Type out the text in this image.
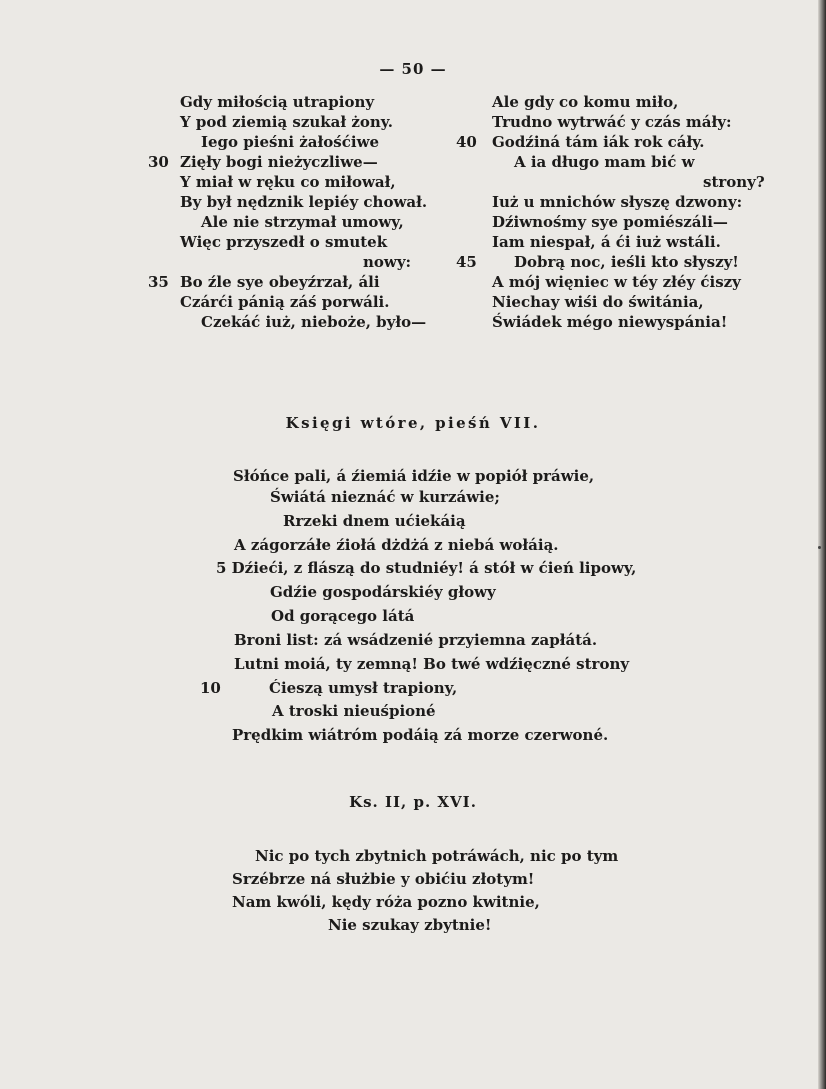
— 50 —
Gdy miłością utrapiony
Y pod ziemią szukał żony.
Iego pieśni żałośćiwe
30 Zięły bogi nieżyczliwe—
Y miał w ręku co miłował,
By był nędznik lepiéy chował.
Ale nie strzymał umowy,
Więc przyszedł o smutek
nowy:
35 Bo źle sye obeyźrzał, áli
Czárći pánią záś porwáli.
Czekáć iuż, nieboże, było—
Ale gdy co komu miło,
Trudno wytrwáć y czás máły:
40 Godźiná tám iák rok cáły.
A ia długo mam bić w
strony?
Iuż u mnichów słyszę dzwony:
Dźiwnośmy sye pomiészáli—
Iam niespał, á ći iuż wstáli.
45 Dobrą noc, ieśli kto słyszy!
A mój więniec w téy złéy ćiszy
Niechay wiśi do świtánia,
Świádek mégo niewyspánia!
Księgi wtóre, pieśń VII.
Słóńce pali, á źiemiá idźie w popiół práwie,
Świátá nieznáć w kurzáwie;
Rrzeki dnem ućiekáią
A zágorzáłe źiołá dżdżá z niebá wołáią.
5 Dźieći, z flászą do studniéy! á stół w ćień lipowy,
Gdźie gospodárskiéy głowy
Od gorącego látá
Broni list: zá wsádzenié przyiemna zapłátá.
Lutni moiá, ty zemną! Bo twé wdźięczné strony
10	Ćieszą umysł trapiony,
A troski nieuśpioné
Prędkim wiátróm podáią zá morze czerwoné.
Ks. II, p. XVI.
Nic po tych zbytnich potráwách, nic po tym
Srzébrze ná służbie y obićiu złotym!
Nam kwóli, kędy róża pozno kwitnie,
Nie szukay zbytnie!
